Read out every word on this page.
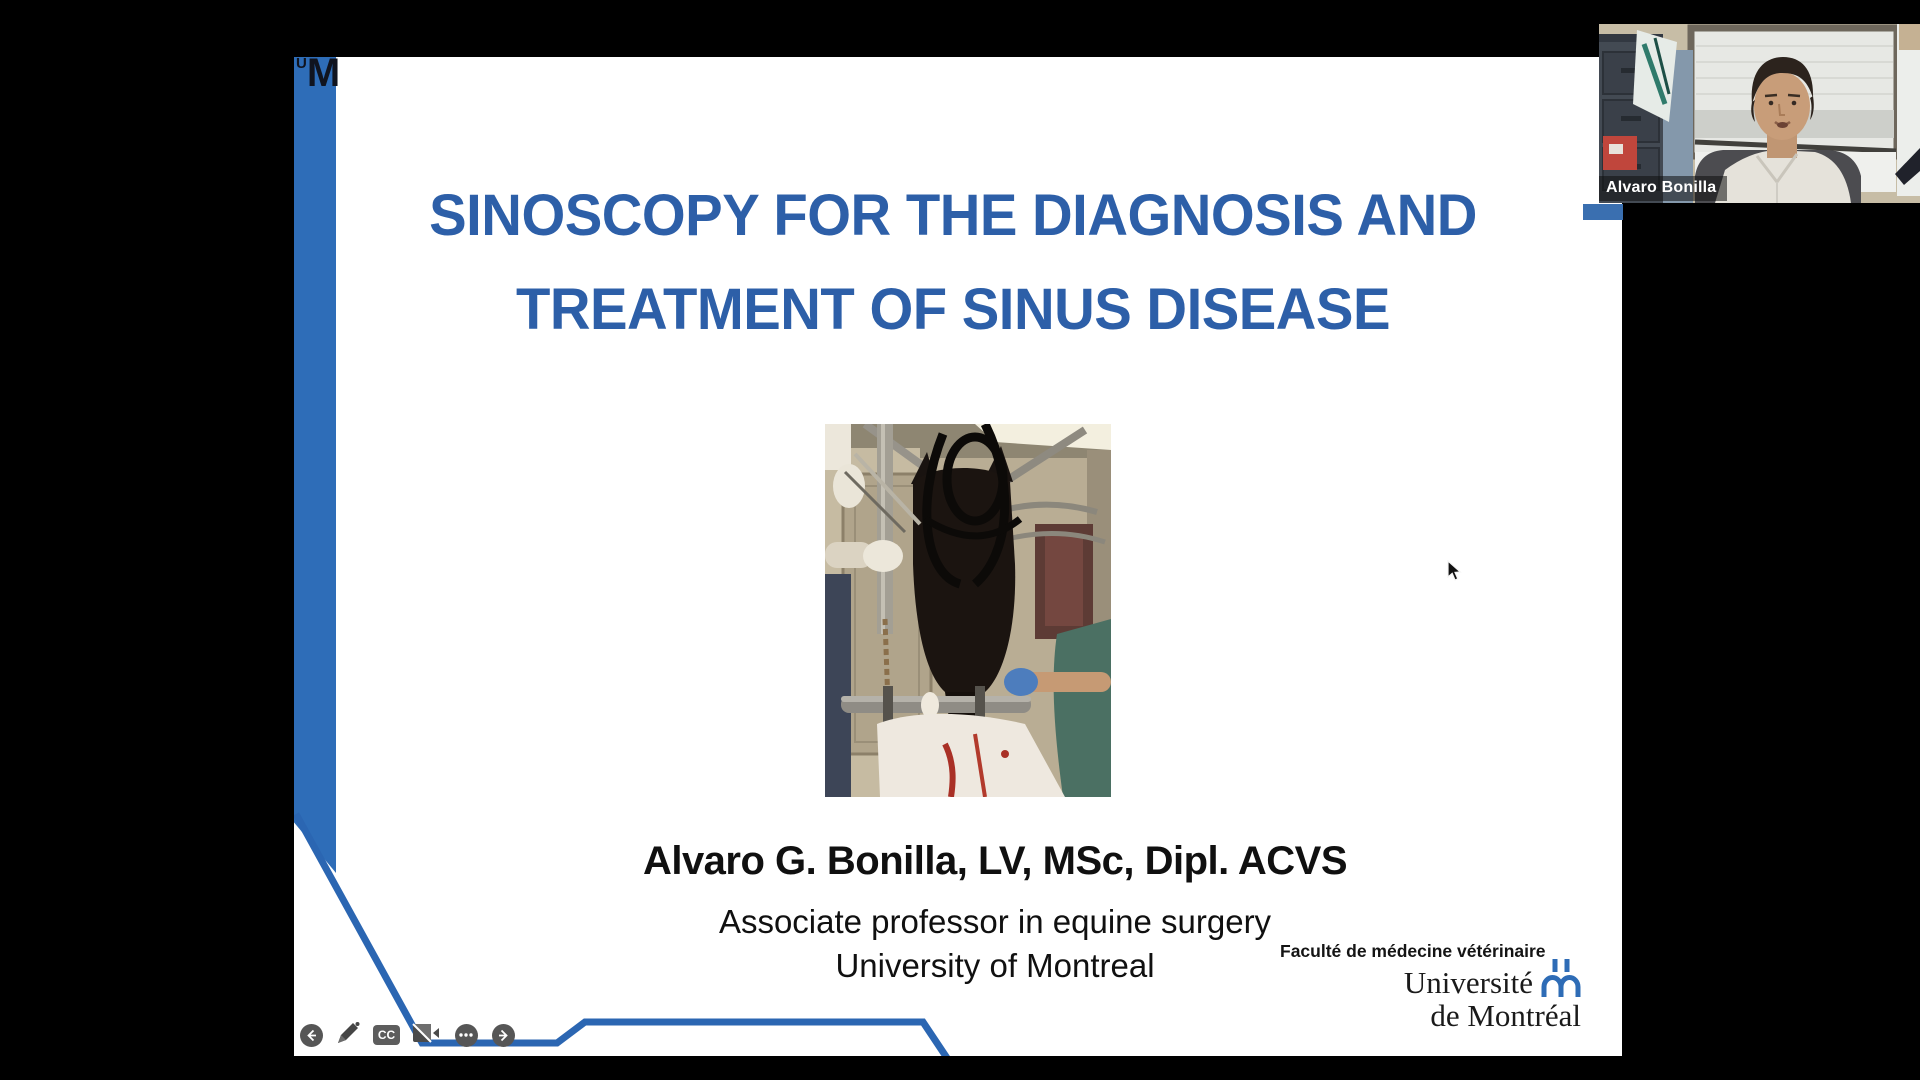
UM
SINOSCOPY FOR THE DIAGNOSIS AND
TREATMENT OF SINUS DISEASE
Alvaro G. Bonilla, LV, MSc, Dipl. ACVS
Associate professor in equine surgery
University of Montreal	Faculté de médecine vétérinaire
Université
de Montréal
CC
Alvaro Bonilla
